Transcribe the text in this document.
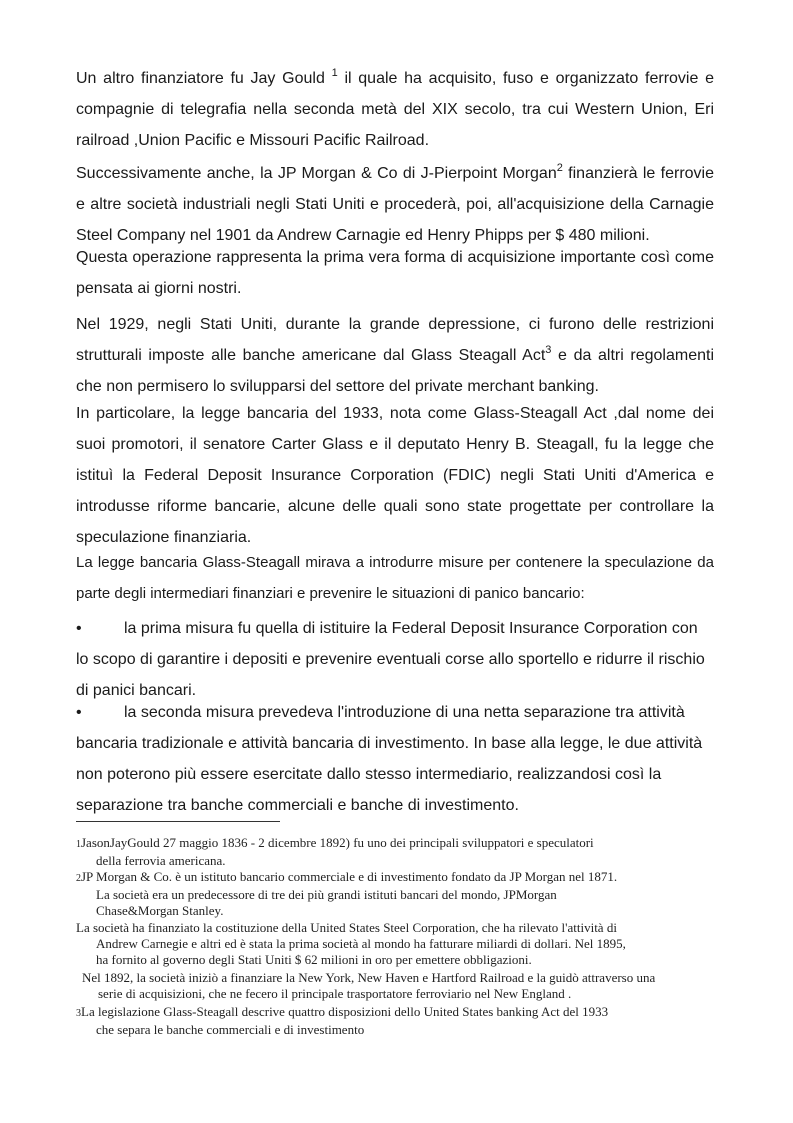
Un altro finanziatore fu Jay Gould $^1$ il quale ha acquisito, fuso e organizzato ferrovie e compagnie di telegrafia nella seconda metà del XIX secolo, tra cui Western Union, Eri railroad ,Union Pacific e Missouri Pacific Railroad.

Successivamente anche, la JP Morgan & Co di J-Pierpoint Morgan$^2$ finanzierà le ferrovie e altre società industriali negli Stati Uniti e procederà, poi, all'acquisizione della Carnagie Steel Company nel 1901 da Andrew Carnagie ed Henry Phipps per $ 480 milioni.

Questa operazione rappresenta la prima vera forma di acquisizione importante così come pensata ai giorni nostri.

Nel 1929, negli Stati Uniti, durante la grande depressione, ci furono delle restrizioni strutturali imposte alle banche americane dal Glass Steagall Act$^3$ e da altri regolamenti che non permisero lo svilupparsi del settore del private merchant banking.

In particolare, la legge bancaria del 1933, nota come Glass-Steagall Act ,dal nome dei suoi promotori, il senatore Carter Glass e il deputato Henry B. Steagall, fu la legge che istituì la Federal Deposit Insurance Corporation (FDIC) negli Stati Uniti d'America e introdusse riforme bancarie, alcune delle quali sono state progettate per controllare la speculazione finanziaria.

La legge bancaria Glass-Steagall mirava a introdurre misure per contenere la speculazione da parte degli intermediari finanziari e prevenire le situazioni di panico bancario:

•	la prima misura fu quella di istituire la Federal Deposit Insurance Corporation con lo scopo di garantire i depositi e prevenire eventuali corse allo sportello e ridurre il rischio di panici bancari.

•	la seconda misura prevedeva l'introduzione di una netta separazione tra attività bancaria tradizionale e attività bancaria di investimento. In base alla legge, le due attività non poterono più essere esercitate dallo stesso intermediario, realizzandosi così la separazione tra banche commerciali e banche di investimento.

1JasonJayGould 27 maggio 1836 - 2 dicembre 1892) fu uno dei principali sviluppatori e speculatori
della ferrovia americana.

2JP Morgan & Co. è un istituto bancario commerciale e di investimento fondato da JP Morgan nel 1871.
La società era un predecessore di tre dei più grandi istituti bancari del mondo, JPMorgan
Chase&Morgan Stanley.

La società ha finanziato la costituzione della United States Steel Corporation, che ha rilevato l'attività di
Andrew Carnegie e altri ed è stata la prima società al mondo ha fatturare miliardi di dollari. Nel 1895,
ha fornito al governo degli Stati Uniti $ 62 milioni in oro per emettere obbligazioni.

Nel 1892, la società iniziò a finanziare la New York, New Haven e Hartford Railroad e la guidò attraverso una
serie di acquisizioni, che ne fecero il principale trasportatore ferroviario nel New England .

3La legislazione Glass-Steagall descrive quattro disposizioni dello United States banking Act del 1933
che separa le banche commerciali e di investimento
